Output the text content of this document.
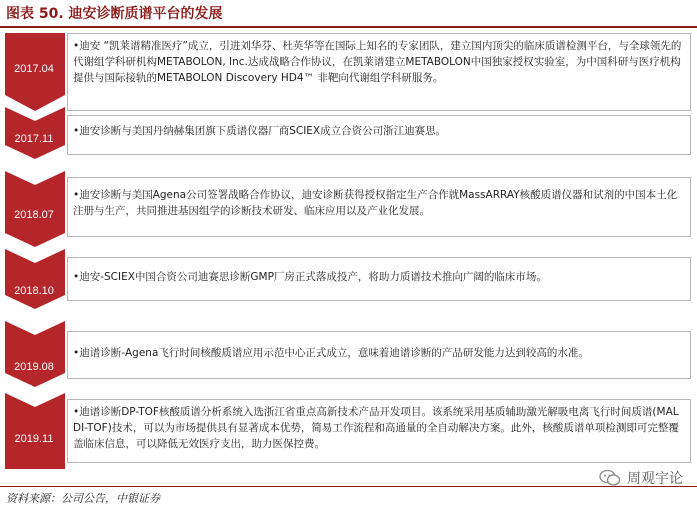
图表 50. 迪安诊断质谱平台的发展
2017.04
•迪安 “凯莱谱精准医疗”成立，引进刘华芬、杜英华等在国际上知名的专家团队，建立国内顶尖的临床质谱检测平台，与全球领先的代谢组学科研机构METABOLON, Inc.达成战略合作协议，在凯莱谱建立METABOLON中国独家授权实验室，为中国科研与医疗机构提供与国际接轨的METABOLON Discovery HD4™ 非靶向代谢组学科研服务。
2017.11
•迪安诊断与美国丹纳赫集团旗下质谱仪器厂商SCIEX成立合资公司浙江迪赛思。
2018.07
•迪安诊断与美国Agena公司签署战略合作协议，迪安诊断获得授权指定生产合作就MassARRAY核酸质谱仪器和试剂的中国本土化注册与生产，共同推进基因组学的诊断技术研发、临床应用以及产业化发展。
2018.10
•迪安-SCIEX中国合资公司迪赛思诊断GMP厂房正式落成投产，将助力质谱技术推向广阔的临床市场。
2019.08
•迪谱诊断-Agena飞行时间核酸质谱应用示范中心正式成立，意味着迪谱诊断的产品研发能力达到较高的水准。
2019.11
•迪谱诊断DP-TOF核酸质谱分析系统入选浙江省重点高新技术产品开发项目。该系统采用基质辅助激光解吸电离飞行时间质谱(MALDI-TOF)技术，可以为市场提供具有显著成本优势，简易工作流程和高通量的全自动解决方案。此外，核酸质谱单项检测即可完整覆盖临床信息，可以降低无效医疗支出，助力医保控费。
资料来源：公司公告，中银证券
周观宇论
